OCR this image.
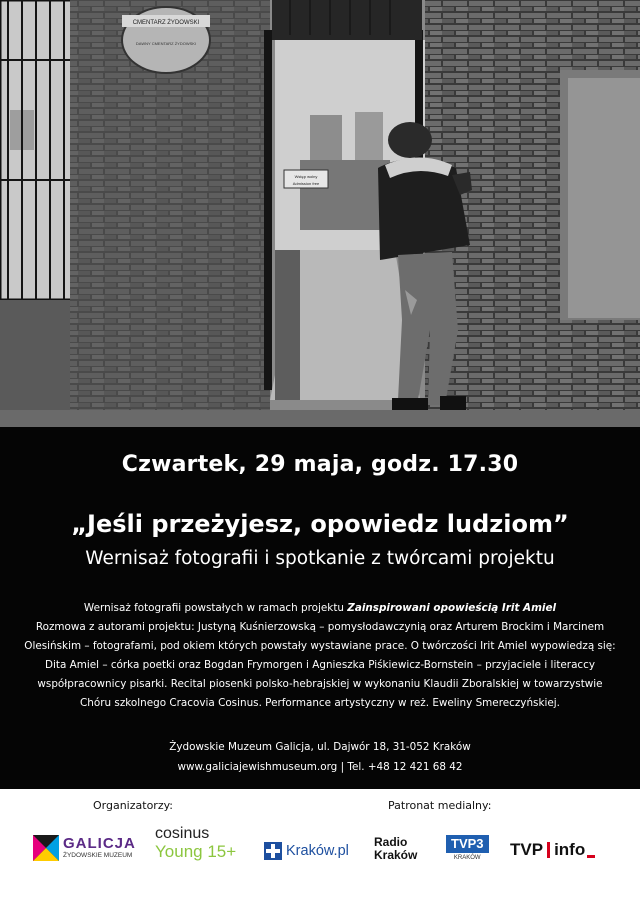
CMENTARZ ŻYDOWSKI
DAWNY CMENTARZ ŻYDOWSKI
Wstęp wolny
Admission free
Czwartek, 29 maja, godz. 17.30
„Jeśli przeżyjesz, opowiedz ludziom”
Wernisaż fotografii i spotkanie z twórcami projektu

Wernisaż fotografii powstałych w ramach projektu Zainspirowani opowieścią Irit Amiel

Rozmowa z autorami projektu: Justyną Kuśnierzowską – pomysłodawczynią oraz Arturem Brockim i Marcinem

Olesińskim – fotografami, pod okiem których powstały wystawiane prace. O twórczości Irit Amiel wypowiedzą się:

Dita Amiel – córka poetki oraz Bogdan Frymorgen i Agnieszka Piśkiewicz-Bornstein – przyjaciele i literaccy

współpracownicy pisarki. Recital piosenki polsko-hebrajskiej w wykonaniu Klaudii Zboralskiej w towarzystwie

Chóru szkolnego Cracovia Cosinus. Performance artystyczny w reż. Eweliny Smereczyńskiej.

Żydowskie Muzeum Galicja, ul. Dajwór 18, 31-052 Kraków

www.galiciajewishmuseum.org | Tel. +48 12 421 68 42

Organizatorzy:	Patronat medialny:
GALICJA
ŻYDOWSKIE MUZEUM
cosinus
Young 15+	Kraków.pl
Radio
Kraków
TVP3
KRAKÓW TVP info
